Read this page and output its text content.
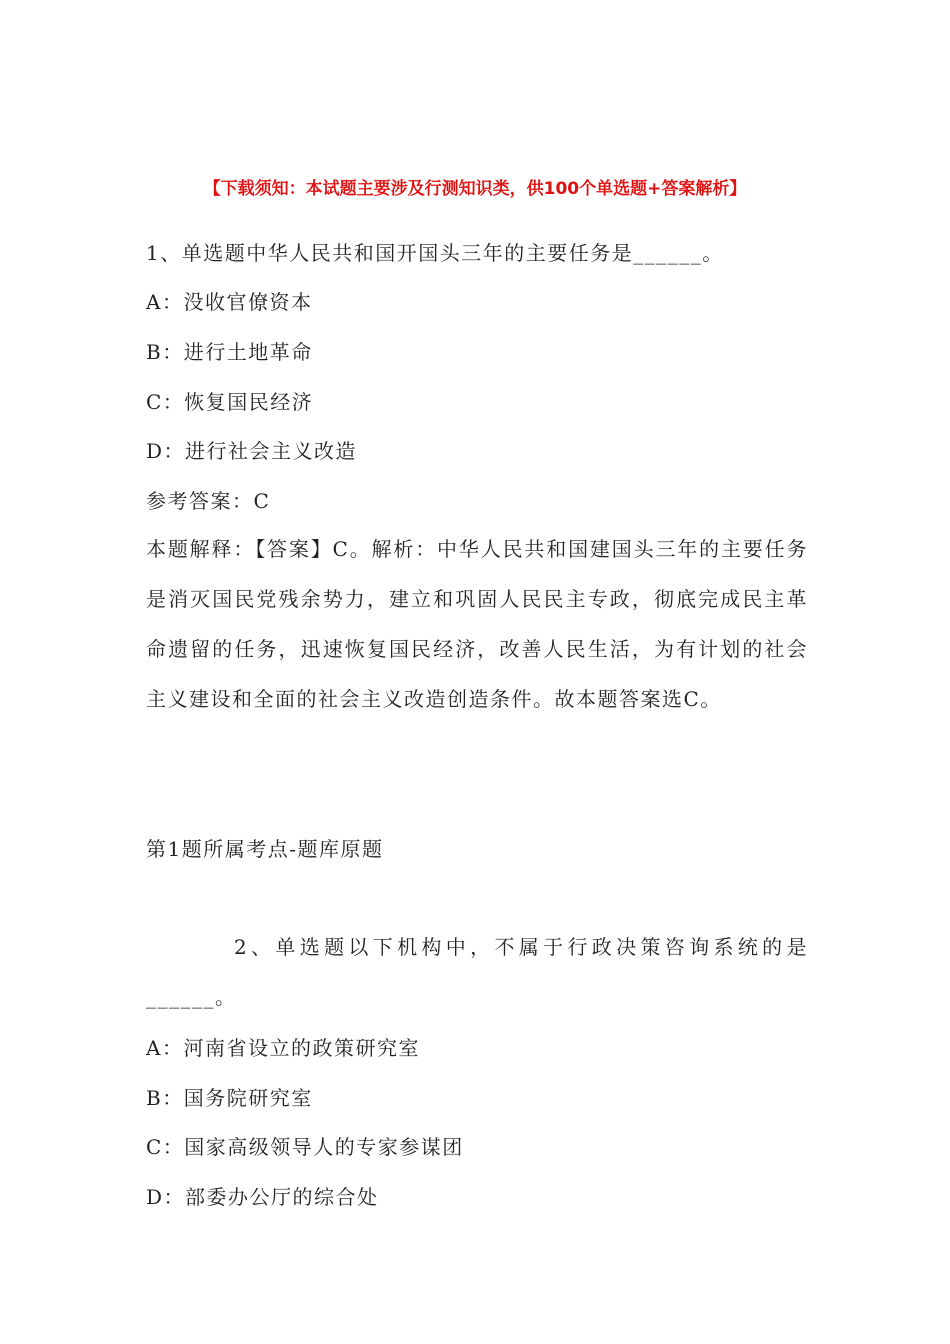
【下载须知：本试题主要涉及行测知识类，供100个单选题+答案解析】
1、单选题中华人民共和国开国头三年的主要任务是______。
A：没收官僚资本
B：进行土地革命
C：恢复国民经济
D：进行社会主义改造
参考答案：C
本题解释：【答案】C。解析：中华人民共和国建国头三年的主要任务是消灭国民党残余势力，建立和巩固人民民主专政，彻底完成民主革命遗留的任务，迅速恢复国民经济，改善人民生活，为有计划的社会主义建设和全面的社会主义改造创造条件。故本题答案选C。
第1题所属考点-题库原题
2、单选题以下机构中，不属于行政决策咨询系统的是______。
A：河南省设立的政策研究室
B：国务院研究室
C：国家高级领导人的专家参谋团
D：部委办公厅的综合处
